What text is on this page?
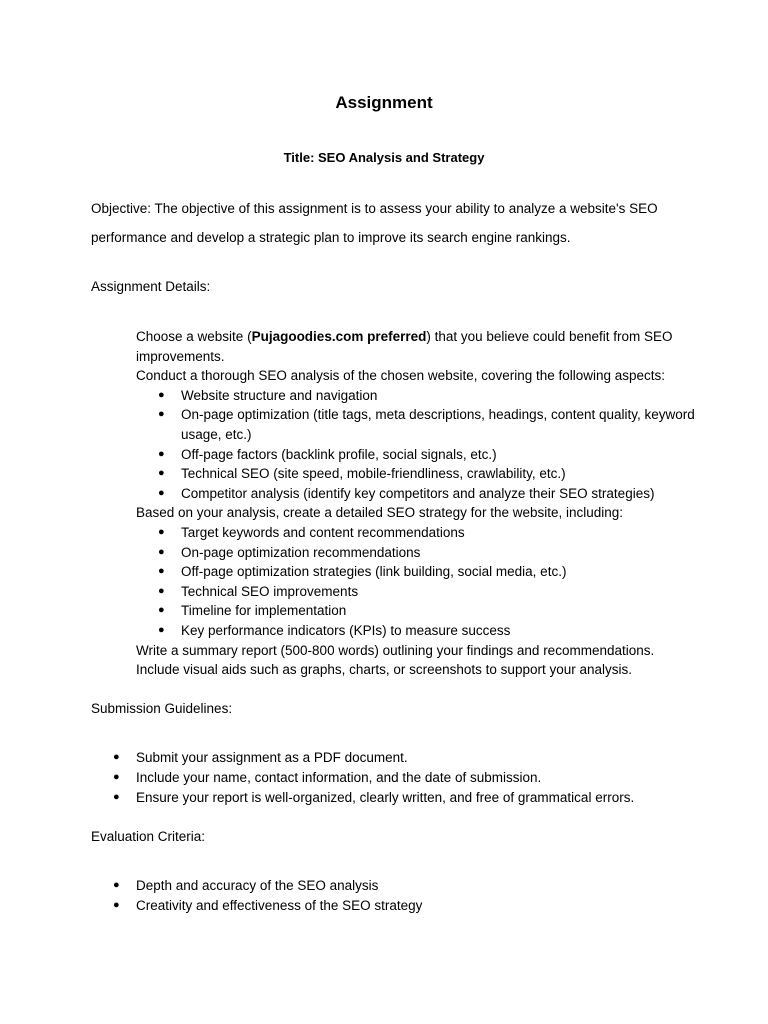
Assignment
Title: SEO Analysis and Strategy
Objective: The objective of this assignment is to assess your ability to analyze a website's SEO performance and develop a strategic plan to improve its search engine rankings.
Assignment Details:

Choose a website (Pujagoodies.com preferred) that you believe could benefit from SEO improvements.

Conduct a thorough SEO analysis of the chosen website, covering the following aspects:

● Website structure and navigation
● On-page optimization (title tags, meta descriptions, headings, content quality, keyword usage, etc.)
● Off-page factors (backlink profile, social signals, etc.)
● Technical SEO (site speed, mobile-friendliness, crawlability, etc.)
● Competitor analysis (identify key competitors and analyze their SEO strategies)

Based on your analysis, create a detailed SEO strategy for the website, including:

● Target keywords and content recommendations
● On-page optimization recommendations
● Off-page optimization strategies (link building, social media, etc.)
● Technical SEO improvements
● Timeline for implementation
● Key performance indicators (KPIs) to measure success

Write a summary report (500-800 words) outlining your findings and recommendations.

Include visual aids such as graphs, charts, or screenshots to support your analysis.

Submission Guidelines:
● Submit your assignment as a PDF document.
● Include your name, contact information, and the date of submission.
● Ensure your report is well-organized, clearly written, and free of grammatical errors.
Evaluation Criteria:
● Depth and accuracy of the SEO analysis
● Creativity and effectiveness of the SEO strategy
